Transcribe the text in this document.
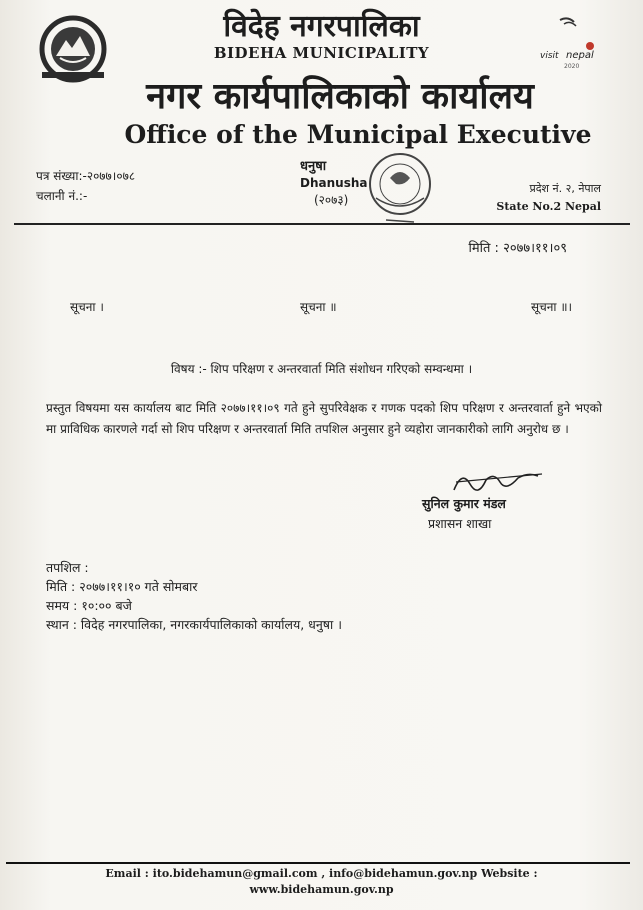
visit nepal
2020
विदेह नगरपालिका
BIDEHA MUNICIPALITY
नगर कार्यपालिकाको कार्यालय
Office of the Municipal Executive
पत्र संख्या:-२०७७।०७८
चलानी नं.:-
धनुषा
Dhanusha
(२०७३)
प्रदेश नं. २, नेपाल
State No.2 Nepal
मिति : २०७७।११।०९
सूचना ।	सूचना ॥	सूचना ॥।
विषय :- शिप परिक्षण र अन्तरवार्ता मिति संशोधन गरिएको सम्वन्धमा ।
प्रस्तुत विषयमा यस कार्यालय बाट मिति २०७७।११।०९ गते हुने सुपरिवेक्षक र गणक पदको शिप परिक्षण र अन्तरवार्ता हुने भएको मा प्राविधिक कारणले गर्दा सो शिप परिक्षण र अन्तरवार्ता मिति तपशिल अनुसार हुने व्यहोरा जानकारीको लागि अनुरोध छ ।
सुनिल कुमार मंडल
प्रशासन शाखा
तपशिल :
मिति : २०७७।११।१० गते सोमबार
समय : १०:०० बजे
स्थान : विदेह नगरपालिका, नगरकार्यपालिकाको कार्यालय, धनुषा ।
Email : ito.bidehamun@gmail.com , info@bidehamun.gov.np Website :
www.bidehamun.gov.np
